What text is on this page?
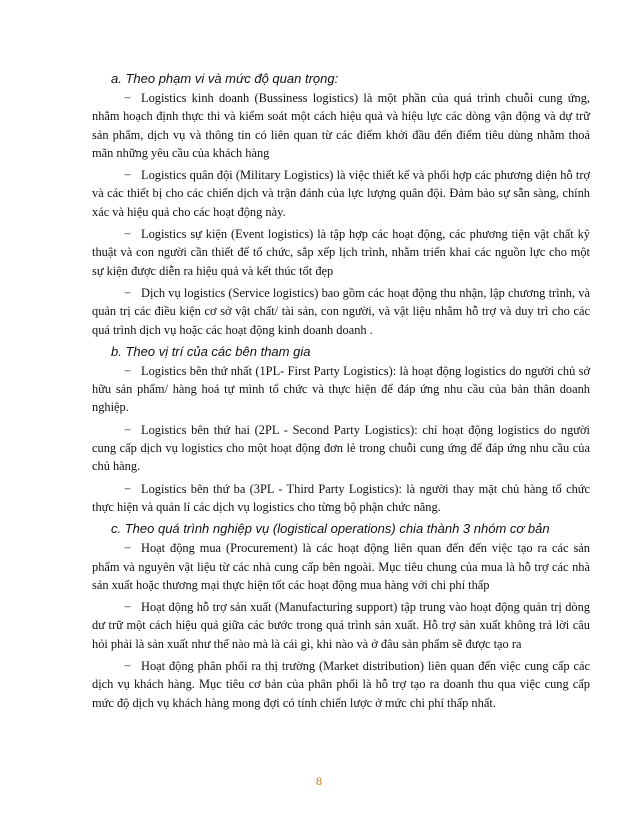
a. Theo phạm vi và mức độ quan trọng:

− Logistics kinh doanh (Bussiness logistics) là một phần của quá trình chuỗi cung ứng, nhằm hoạch định thực thi và kiểm soát một cách hiệu quả và hiệu lực các dòng vận động và dự trữ sản phẩm, dịch vụ và thông tin có liên quan từ các điểm khởi đầu đến điểm tiêu dùng nhằm thoả mãn những yêu cầu của khách hàng

− Logistics quân đội (Military Logistics) là việc thiết kế và phối hợp các phương diện hỗ trợ và các thiết bị cho các chiến dịch và trận đánh của lực lượng quân đội. Đảm bảo sự sẵn sàng, chính xác và hiệu quả cho các hoạt động này.

− Logistics sự kiện (Event logistics) là tập hợp các hoạt động, các phương tiện vật chất kỹ thuật và con người cần thiết để tổ chức, sắp xếp lịch trình, nhằm triển khai các nguồn lực cho một sự kiện được diễn ra hiệu quả và kết thúc tốt đẹp

− Dịch vụ logistics (Service logistics) bao gồm các hoạt động thu nhận, lập chương trình, và quản trị các điều kiện cơ sở vật chất/ tài sản, con người, và vật liệu nhằm hỗ trợ và duy trì cho các quá trình dịch vụ hoặc các hoạt động kinh doanh doanh .

b. Theo vị trí của các bên tham gia

− Logistics bên thứ nhất (1PL- First Party Logistics): là hoạt động logistics do người chủ sở hữu sản phẩm/ hàng hoá tự mình tổ chức và thực hiện để đáp ứng nhu cầu của bản thân doanh nghiệp.

− Logistics bên thứ hai (2PL - Second Party Logistics): chỉ hoạt động logistics do người cung cấp dịch vụ logistics cho một hoạt động đơn lẻ trong chuỗi cung ứng để đáp ứng nhu cầu của chủ hàng.

− Logistics bên thứ ba (3PL - Third Party Logistics): là người thay mặt chủ hàng tổ chức thực hiện và quản lí các dịch vụ logistics cho từng bộ phận chức năng.

c. Theo quá trình nghiệp vụ (logistical operations) chia thành 3 nhóm cơ bản

− Hoạt động mua (Procurement) là các hoạt động liên quan đến đến việc tạo ra các sản phẩm và nguyên vật liệu từ các nhà cung cấp bên ngoài. Mục tiêu chung của mua là hỗ trợ các nhà sản xuất hoặc thương mại thực hiện tốt các hoạt động mua hàng với chi phí thấp

− Hoạt động hỗ trợ sản xuất (Manufacturing support) tập trung vào hoạt động quản trị dòng dư trữ một cách hiệu quả giữa các bước trong quá trình sản xuất. Hỗ trợ sản xuất không trả lời câu hỏi phải là sản xuất như thế nào mà là cái gì, khi nào và ở đâu sản phẩm sẽ được tạo ra

− Hoạt động phân phối ra thị trường (Market distribution) liên quan đến việc cung cấp các dịch vụ khách hàng. Mục tiêu cơ bản của phân phối là hỗ trợ tạo ra doanh thu qua việc cung cấp mức độ dịch vụ khách hàng mong đợi có tính chiến lược ở mức chi phí thấp nhất.

8
